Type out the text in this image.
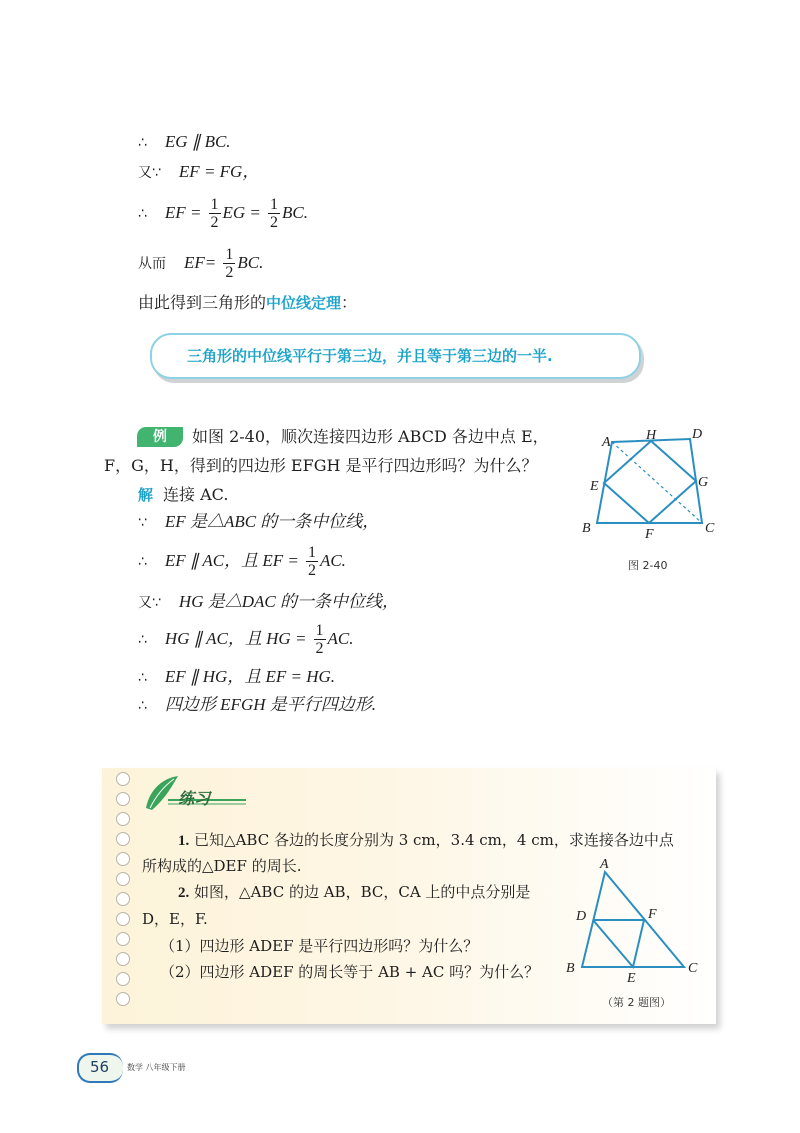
∴ EG ∥ BC.
又∵ EF = FG，
∴ EF = $\frac{1}{2}$ EG = $\frac{1}{2}$ BC.
从而 $EF= \frac{1}{2}$ BC.
由此得到三角形的中位线定理：
三角形的中位线平行于第三边，并且等于第三边的一半.
例	如图 2-40，顺次连接四边形 ABCD 各边中点 E，
F，G，H，得到的四边形 EFGH 是平行四边形吗？为什么？
解 连接 AC.
∵ EF 是△ABC 的一条中位线，
∴ EF ∥ AC，且 EF = $\frac{1}{2}$ AC.
又∵ HG 是△DAC 的一条中位线，
∴ HG ∥ AC，且 HG = $\frac{1}{2}$ AC.
∴ EF ∥ HG，且 EF = HG.
∴ 四边形 EFGH 是平行四边形.
A	H	D
E	G
B	F	C
图 2-40
练习
1. 已知△ABC 各边的长度分别为 3 cm，3.4 cm，4 cm，求连接各边中点
所构成的△DEF 的周长.
2. 如图，△ABC 的边 AB，BC，CA 上的中点分别是
D，E，F.
（1）四边形 ADEF 是平行四边形吗？为什么？
（2）四边形 ADEF 的周长等于 AB + AC 吗？为什么？
A
D	F
B
E
C
（第 2 题图）
56 数学 八年级下册
